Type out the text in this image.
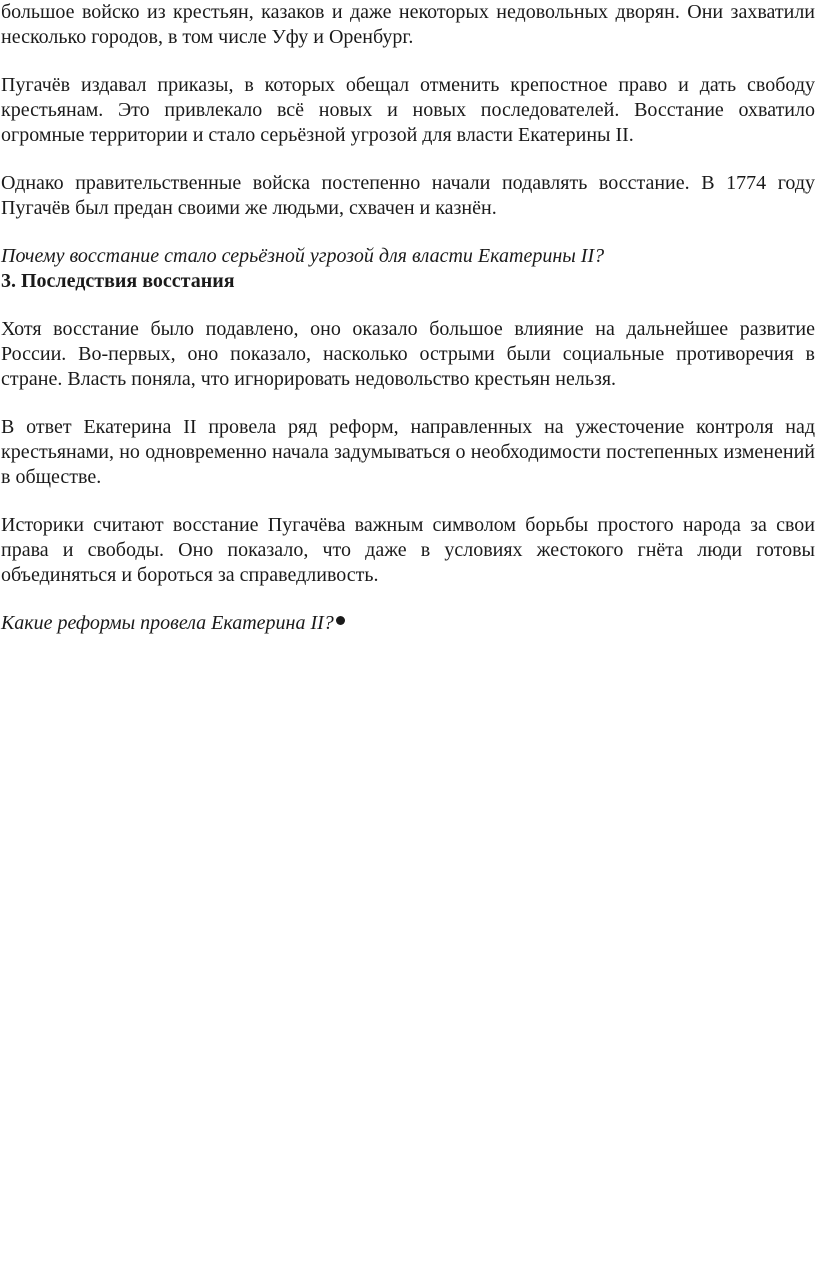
большое войско из крестьян, казаков и даже некоторых недовольных дворян. Они захватили несколько городов, в том числе Уфу и Оренбург.

Пугачёв издавал приказы, в которых обещал отменить крепостное право и дать свободу крестьянам. Это привлекало всё новых и новых последователей. Восстание охватило огромные территории и стало серьёзной угрозой для власти Екатерины II.

Однако правительственные войска постепенно начали подавлять восстание. В 1774 году Пугачёв был предан своими же людьми, схвачен и казнён.

Почему восстание стало серьёзной угрозой для власти Екатерины II?

3. Последствия восстания

Хотя восстание было подавлено, оно оказало большое влияние на дальнейшее развитие России. Во-первых, оно показало, насколько острыми были социальные противоречия в стране. Власть поняла, что игнорировать недовольство крестьян нельзя.

В ответ Екатерина II провела ряд реформ, направленных на ужесточение контроля над крестьянами, но одновременно начала задумываться о необходимости постепенных изменений в обществе.

Историки считают восстание Пугачёва важным символом борьбы простого народа за свои права и свободы. Оно показало, что даже в условиях жестокого гнёта люди готовы объединяться и бороться за справедливость.

Какие реформы провела Екатерина II?
